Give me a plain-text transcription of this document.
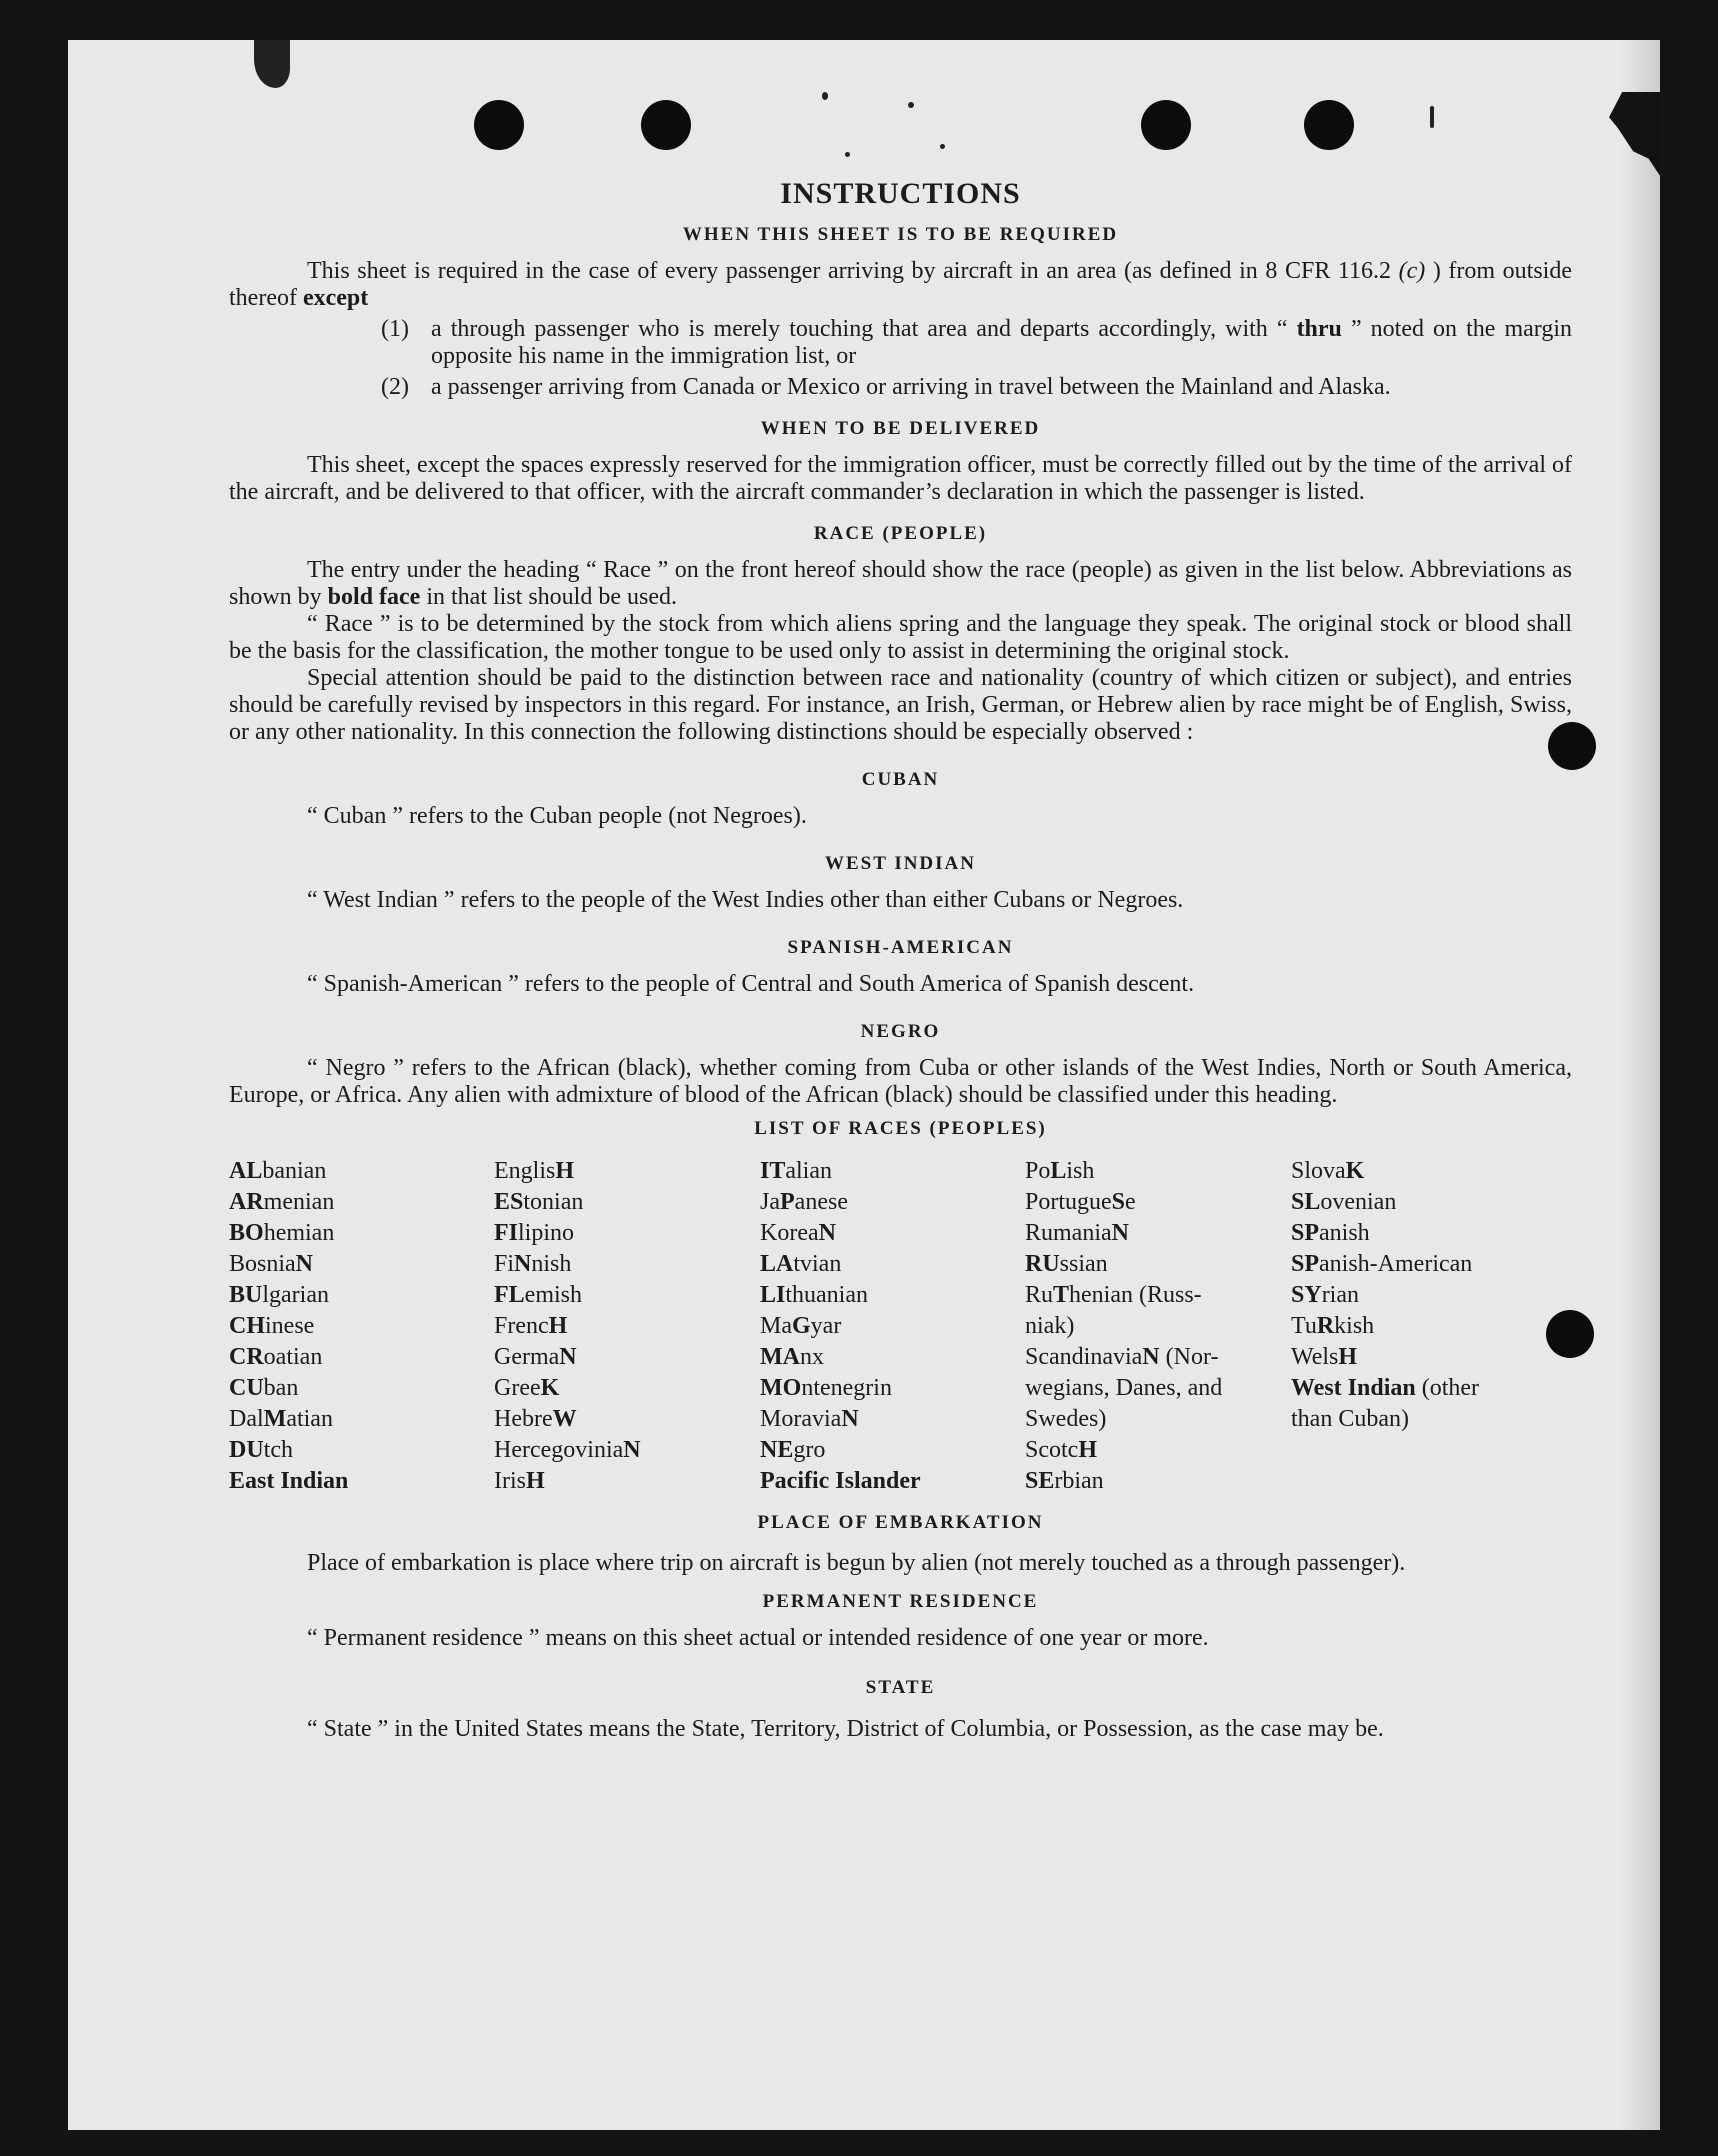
INSTRUCTIONS
WHEN THIS SHEET IS TO BE REQUIRED

This sheet is required in the case of every passenger arriving by aircraft in an area (as defined in 8 CFR 116.2 (c) ) from outside thereof except

(1) a through passenger who is merely touching that area and departs accordingly, with “ thru ” noted on the margin opposite his name in the immigration list, or
(2) a passenger arriving from Canada or Mexico or arriving in travel between the Mainland and Alaska.
WHEN TO BE DELIVERED

This sheet, except the spaces expressly reserved for the immigration officer, must be correctly filled out by the time of the arrival of the aircraft, and be delivered to that officer, with the aircraft commander’s declaration in which the passenger is listed.

RACE (PEOPLE)

The entry under the heading “ Race ” on the front hereof should show the race (people) as given in the list below. Abbreviations as shown by bold face in that list should be used.

“ Race ” is to be determined by the stock from which aliens spring and the language they speak. The original stock or blood shall be the basis for the classification, the mother tongue to be used only to assist in determining the original stock.

Special attention should be paid to the distinction between race and nationality (country of which citizen or subject), and entries should be carefully revised by inspectors in this regard. For instance, an Irish, German, or Hebrew alien by race might be of English, Swiss, or any other nationality. In this connection the following distinctions should be especially observed :

CUBAN

“ Cuban ” refers to the Cuban people (not Negroes).

WEST INDIAN

“ West Indian ” refers to the people of the West Indies other than either Cubans or Negroes.

SPANISH-AMERICAN

“ Spanish-American ” refers to the people of Central and South America of Spanish descent.

NEGRO

“ Negro ” refers to the African (black), whether coming from Cuba or other islands of the West Indies, North or South America, Europe, or Africa. Any alien with admixture of blood of the African (black) should be classified under this heading.

LIST OF RACES (PEOPLES)
ALbanian
ARmenian
BOhemian
BosniaN
BUlgarian
CHinese
CRoatian
CUban
DalMatian
DUtch
East Indian
EnglisH
EStonian
FIlipino
FiNnish
FLemish
FrencH
GermaN
GreeK
HebreW
HercegoviniaN
IrisH
ITalian
JaPanese
KoreaN
LAtvian
LIthuanian
MaGyar
MAnx
MOntenegrin
MoraviaN
NEgro
Pacific Islander
PoLish
PortugueSe
RumaniaN
RUssian
RuThenian (Russ-niak)
ScandinaviaN (Nor-wegians, Danes, and Swedes)
ScotcH
SErbian
SlovaK
SLovenian
SPanish
SPanish-American
SYrian
TuRkish
WelsH
West Indian (other than Cuban)
PLACE OF EMBARKATION

Place of embarkation is place where trip on aircraft is begun by alien (not merely touched as a through passenger).

PERMANENT RESIDENCE

“ Permanent residence ” means on this sheet actual or intended residence of one year or more.

STATE

“ State ” in the United States means the State, Territory, District of Columbia, or Possession, as the case may be.
